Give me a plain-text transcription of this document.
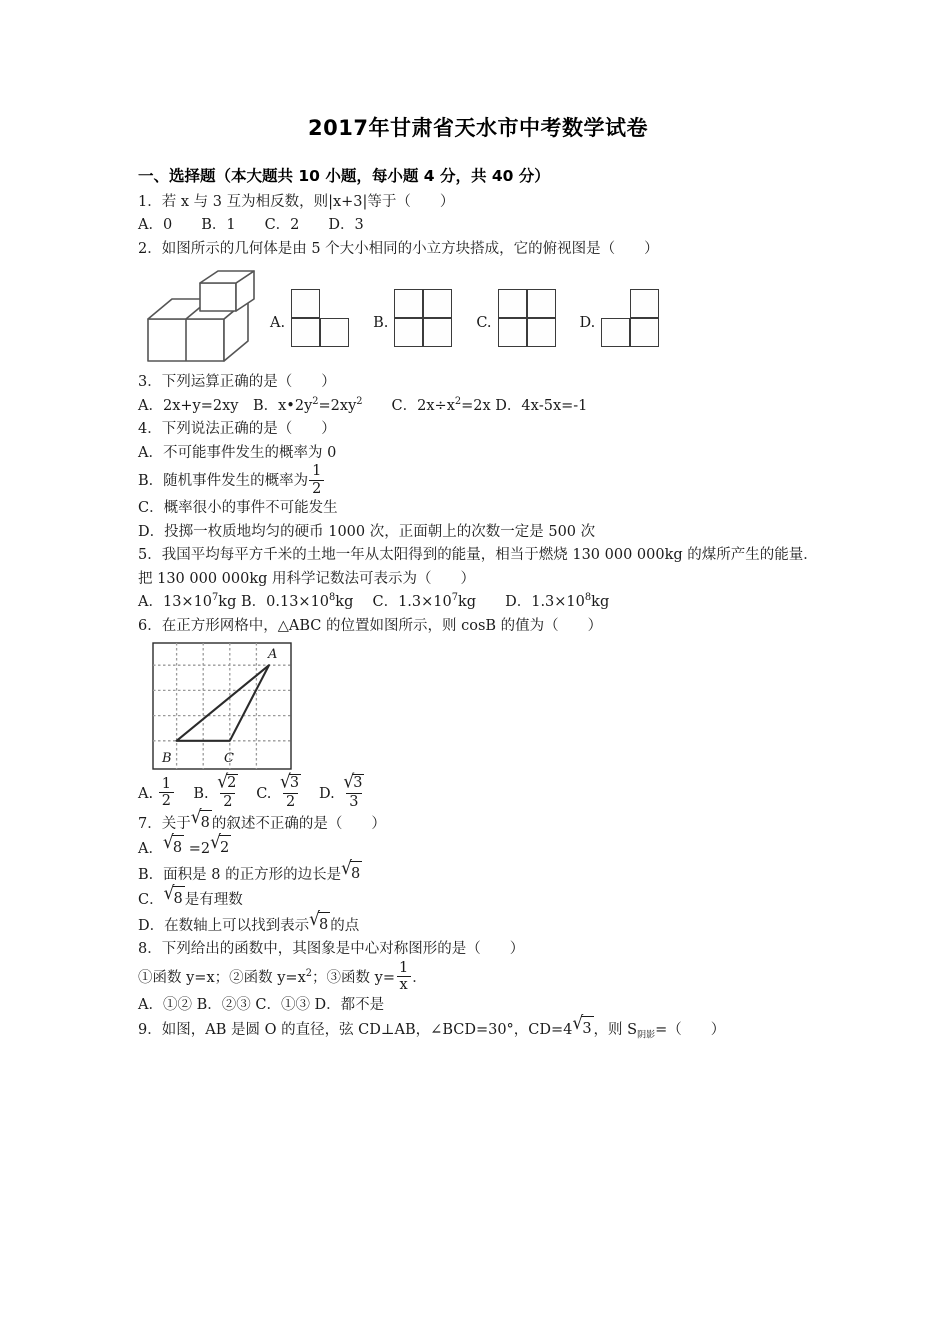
2017年甘肃省天水市中考数学试卷
一、选择题（本大题共 10 小题，每小题 4 分，共 40 分）
1．若 x 与 3 互为相反数，则|x+3|等于（　　）
A．0　　B．1　　C．2　　D．3
2．如图所示的几何体是由 5 个大小相同的小立方块搭成，它的俯视图是（　　）
A.	B.	C.	D.
3．下列运算正确的是（　　）
A．2x+y=2xy　B．$x•2y^2=2xy^2$　　C．$2x\div x^2=2x$ D．4x‐5x=‐1
4．下列说法正确的是（　　）
A．不可能事件发生的概率为 0
B．随机事件发生的概率为 $\frac{1}{2}$
C．概率很小的事件不可能发生
D．投掷一枚质地均匀的硬币 1000 次，正面朝上的次数一定是 500 次
5．我国平均每平方千米的土地一年从太阳得到的能量，相当于燃烧 130 000 000kg 的煤所产生的能量．把 130 000 000kg 用科学记数法可表示为（　　）
A．$13\times 10^7kg$ B．$0.13\times 10^8kg$　 C．$1.3\times 10^7kg$　　D．$1.3\times 10^8kg$
6．在正方形网格中，△ABC 的位置如图所示，则 cosB 的值为（　　）
A
B	C
A. $\frac{1}{2} B$. $\frac{√ 2}{2} C$. $\frac{√ 3}{2} D$. $\frac{√ 3}{3}$
7．关于 √ 8 的叙述不正确的是（　　）
A． √ 8 =2 √ 2
B．面积是 8 的正方形的边长是 √ 8
C． √ 8 是有理数
D．在数轴上可以找到表示 √ 8 的点
8．下列给出的函数中，其图象是中心对称图形的是（　　）
①函数 y=x；②函数 $y=x^2$；③函数 $y= \frac{1}{x}$ ．
A．①② B．②③ C．①③ D．都不是
9．如图，AB 是圆 O 的直径，弦 CD⊥AB，∠BCD=30°，CD=4 √ 3 ，则 $S_{阴影}=$（　　）
